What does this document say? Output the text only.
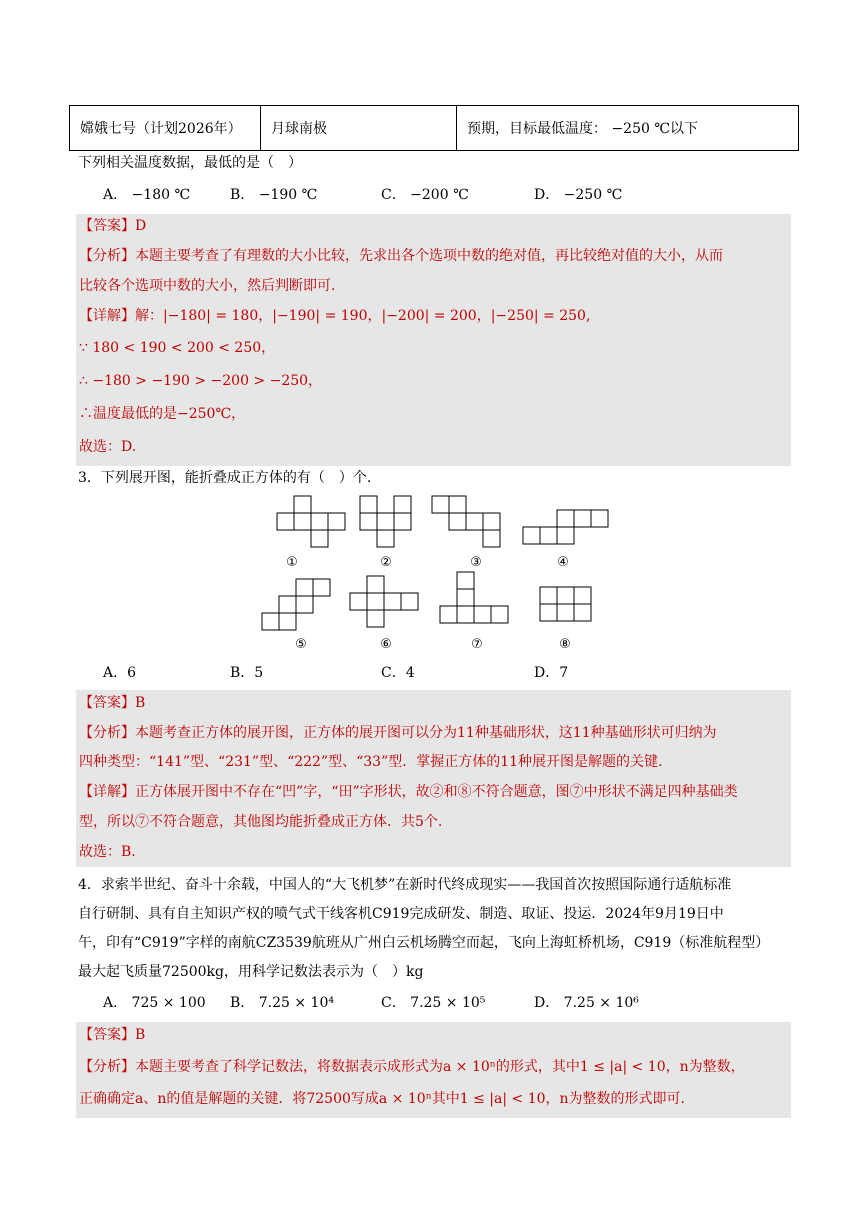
嫦娥七号（计划2026年）	月球南极	预期，目标最低温度： −250 ℃以下
下列相关温度数据，最低的是（　）
A． −180 ℃	B． −190 ℃	C． −200 ℃	D． −250 ℃
【答案】D
【分析】本题主要考查了有理数的大小比较，先求出各个选项中数的绝对值，再比较绝对值的大小，从而
比较各个选项中数的大小，然后判断即可.
【详解】解：|−180| = 180，|−190| = 190，|−200| = 200，|−250| = 250,
∵ 180 < 190 < 200 < 250，
∴ −180 > −190 > −200 > −250，
∴温度最低的是−250℃，
故选：D.
3．下列展开图，能折叠成正方体的有（　）个.
①	②	③	④
⑤	⑥	⑦	⑧
A．6	B．5	C．4	D．7
【答案】B
【分析】本题考查正方体的展开图，正方体的展开图可以分为11种基础形状，这11种基础形状可归纳为
四种类型：“141”型、“231”型、“222”型、“33”型．掌握正方体的11种展开图是解题的关键.
【详解】正方体展开图中不存在“凹”字，“田”字形状，故②和⑧不符合题意，图⑦中形状不满足四种基础类
型，所以⑦不符合题意，其他图均能折叠成正方体．共5个.
故选：B.
4．求索半世纪、奋斗十余载，中国人的“大飞机梦”在新时代终成现实——我国首次按照国际通行适航标准
自行研制、具有自主知识产权的喷气式干线客机C919完成研发、制造、取证、投运．2024年9月19日中
午，印有“C919”字样的南航CZ3539航班从广州白云机场腾空而起，飞向上海虹桥机场，C919（标准航程型）
最大起飞质量72500kg，用科学记数法表示为（　）kg
A． 725 × 100 B． 7.25 × 10⁴	C． 7.25 × 10⁵	D． 7.25 × 10⁶
【答案】B
【分析】本题主要考查了科学记数法，将数据表示成形式为a × 10ⁿ的形式，其中1 ≤ |a| < 10，n为整数，
正确确定a、n的值是解题的关键．将72500写成a × 10ⁿ其中1 ≤ |a| < 10，n为整数的形式即可.
